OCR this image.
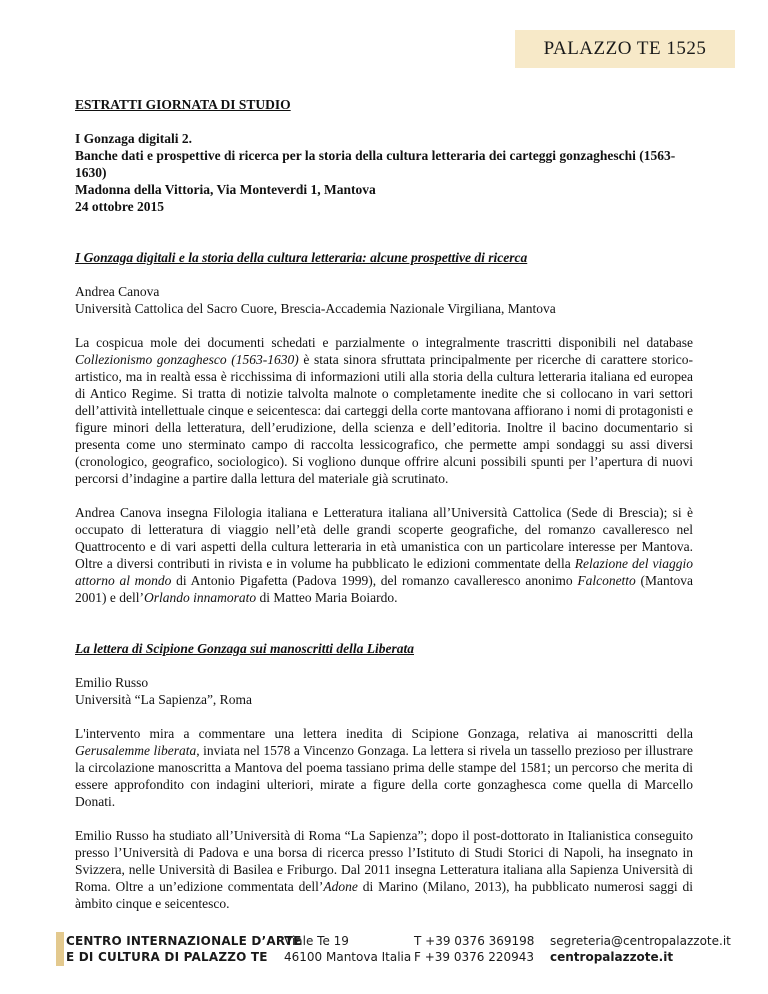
PALAZZO TE 1525

ESTRATTI GIORNATA DI STUDIO

I Gonzaga digitali 2.
Banche dati e prospettive di ricerca per la storia della cultura letteraria dei carteggi gonzagheschi (1563-1630)
Madonna della Vittoria, Via Monteverdi 1, Mantova
24 ottobre 2015

I Gonzaga digitali e la storia della cultura letteraria: alcune prospettive di ricerca

Andrea Canova
Università Cattolica del Sacro Cuore, Brescia-Accademia Nazionale Virgiliana, Mantova

La cospicua mole dei documenti schedati e parzialmente o integralmente trascritti disponibili nel database Collezionismo gonzaghesco (1563-1630) è stata sinora sfruttata principalmente per ricerche di carattere storico-artistico, ma in realtà essa è ricchissima di informazioni utili alla storia della cultura letteraria italiana ed europea di Antico Regime. Si tratta di notizie talvolta malnote o completamente inedite che si collocano in vari settori dell’attività intellettuale cinque e seicentesca: dai carteggi della corte mantovana affiorano i nomi di protagonisti e figure minori della letteratura, dell’erudizione, della scienza e dell’editoria. Inoltre il bacino documentario si presenta come uno sterminato campo di raccolta lessicografico, che permette ampi sondaggi su assi diversi (cronologico, geografico, sociologico). Si vogliono dunque offrire alcuni possibili spunti per l’apertura di nuovi percorsi d’indagine a partire dalla lettura del materiale già scrutinato.

Andrea Canova insegna Filologia italiana e Letteratura italiana all’Università Cattolica (Sede di Brescia); si è occupato di letteratura di viaggio nell’età delle grandi scoperte geografiche, del romanzo cavalleresco nel Quattrocento e di vari aspetti della cultura letteraria in età umanistica con un particolare interesse per Mantova. Oltre a diversi contributi in rivista e in volume ha pubblicato le edizioni commentate della Relazione del viaggio attorno al mondo di Antonio Pigafetta (Padova 1999), del romanzo cavalleresco anonimo Falconetto (Mantova 2001) e dell’Orlando innamorato di Matteo Maria Boiardo.

La lettera di Scipione Gonzaga sui manoscritti della Liberata

Emilio Russo
Università “La Sapienza”, Roma

L'intervento mira a commentare una lettera inedita di Scipione Gonzaga, relativa ai manoscritti della Gerusalemme liberata, inviata nel 1578 a Vincenzo Gonzaga. La lettera si rivela un tassello prezioso per illustrare la circolazione manoscritta a Mantova del poema tassiano prima delle stampe del 1581; un percorso che merita di essere approfondito con indagini ulteriori, mirate a figure della corte gonzaghesca come quella di Marcello Donati.

Emilio Russo ha studiato all’Università di Roma “La Sapienza”; dopo il post-dottorato in Italianistica conseguito presso l’Università di Padova e una borsa di ricerca presso l’Istituto di Studi Storici di Napoli, ha insegnato in Svizzera, nelle Università di Basilea e Friburgo. Dal 2011 insegna Letteratura italiana alla Sapienza Università di Roma. Oltre a un’edizione commentata dell’Adone di Marino (Milano, 2013), ha pubblicato numerosi saggi di àmbito cinque e seicentesco.

CENTRO INTERNAZIONALE D’ARTE
E DI CULTURA DI PALAZZO TE
Viale Te 19
46100 Mantova Italia
T +39 0376 369198
F +39 0376 220943
segreteria@centropalazzote.it
centropalazzote.it
